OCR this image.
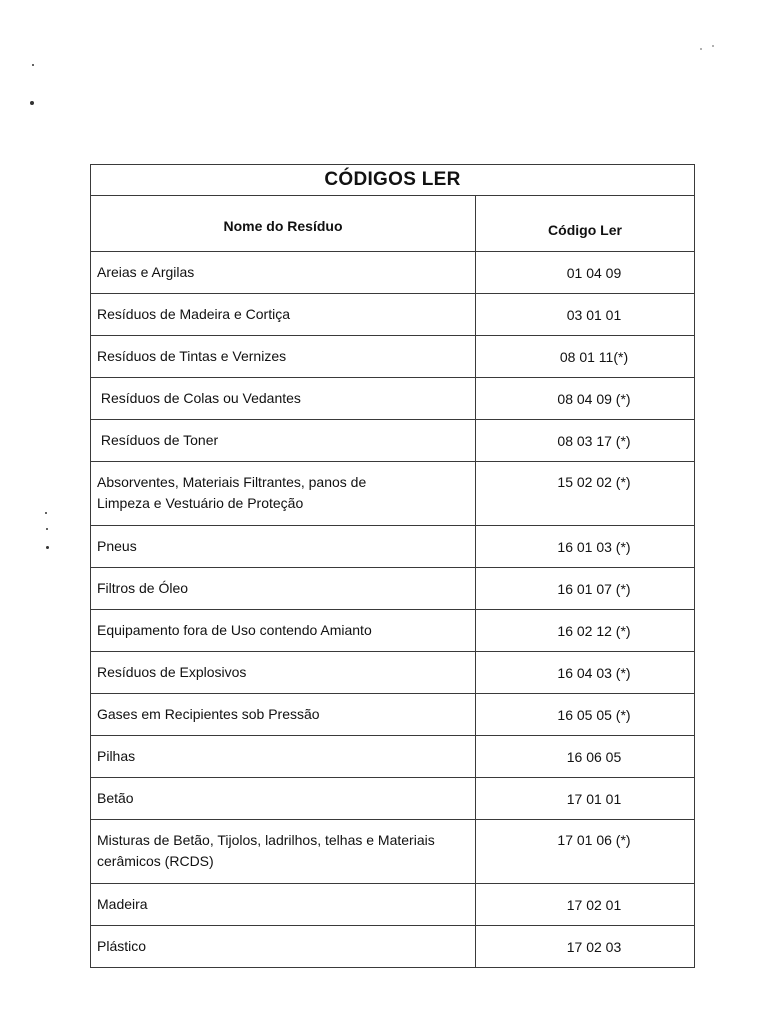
CÓDIGOS LER	
Nome do Resíduo	Código Ler
Areias e Argilas	01 04 09
Resíduos de Madeira e Cortiça	03 01 01
Resíduos de Tintas e Vernizes	08 01 11(*)
Resíduos de Colas ou Vedantes	08 04 09 (*)
Resíduos de Toner	08 03 17 (*)
Absorventes, Materiais Filtrantes, panos de Limpeza e Vestuário de Proteção	15 02 02 (*)
Pneus	16 01 03 (*)
Filtros de Óleo	16 01 07 (*)
Equipamento fora de Uso contendo Amianto	16 02 12 (*)
Resíduos de Explosivos	16 04 03 (*)
Gases em Recipientes sob Pressão	16 05 05 (*)
Pilhas	16 06 05
Betão	17 01 01
Misturas de Betão, Tijolos, ladrilhos, telhas e Materiais cerâmicos (RCDS)	17 01 06 (*)
Madeira	17 02 01
Plástico	17 02 03
